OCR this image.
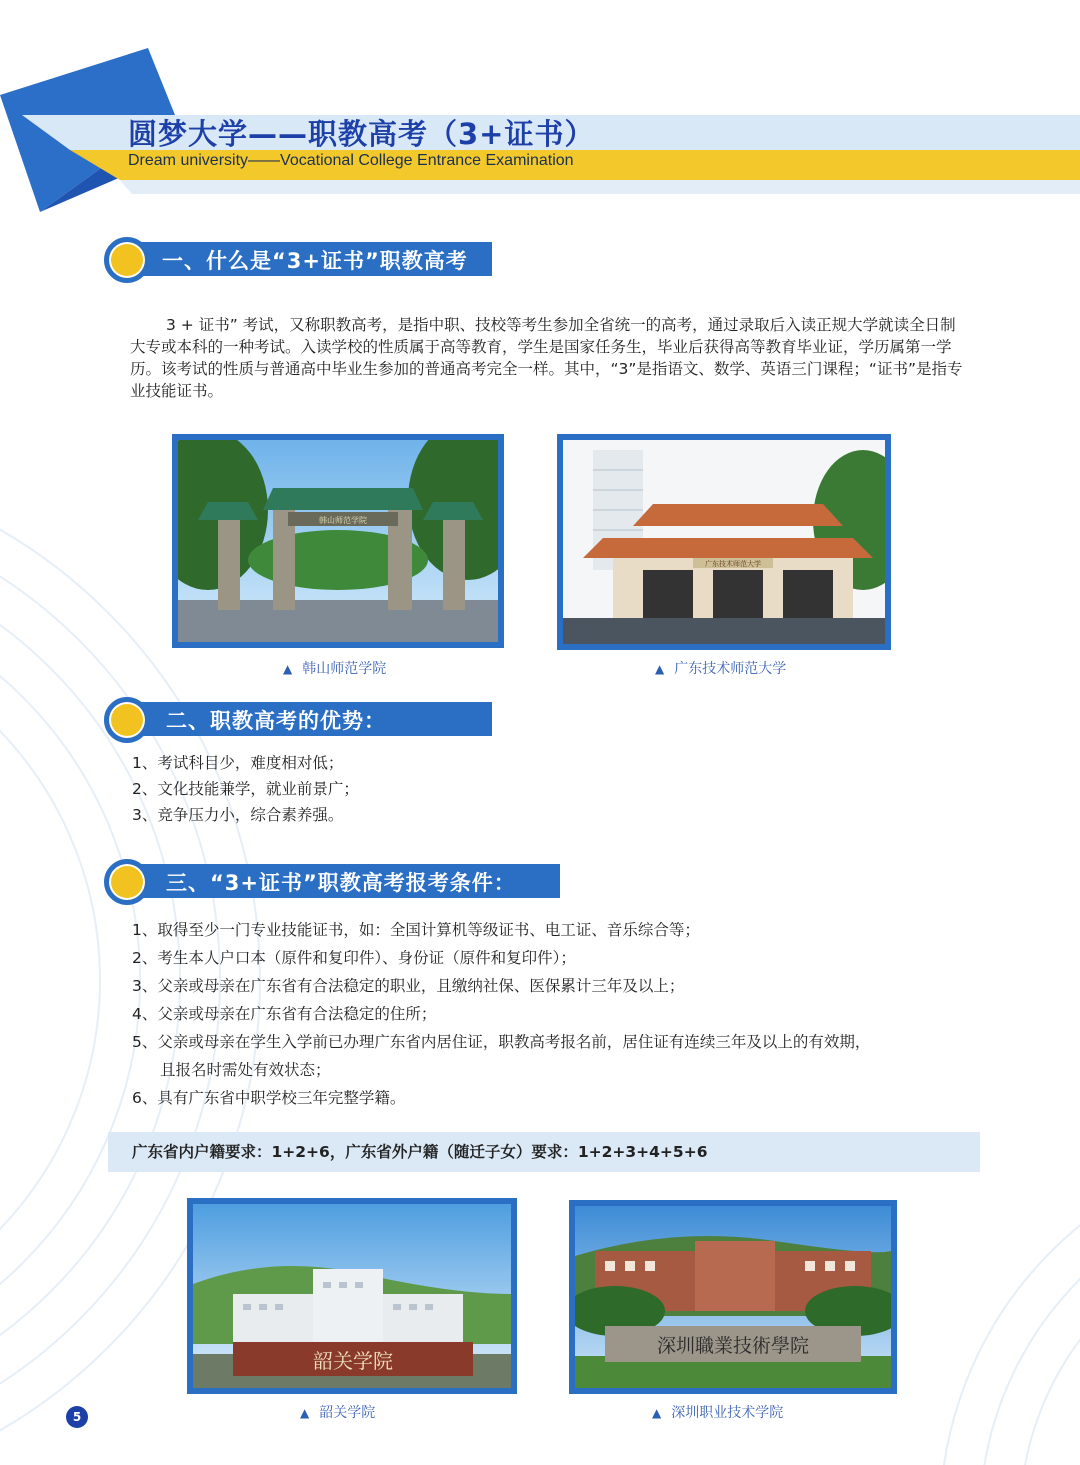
圆梦大学——职教高考（3+证书）
Dream university——Vocational College Entrance Examination
一、什么是“3+证书”职教高考
3 + 证书” 考试，又称职教高考，是指中职、技校等考生参加全省统一的高考，通过录取后入读正规大学就读全日制大专或本科的一种考试。入读学校的性质属于高等教育，学生是国家任务生，毕业后获得高等教育毕业证，学历属第一学历。该考试的性质与普通高中毕业生参加的普通高考完全一样。其中，“3”是指语文、数学、英语三门课程；“证书”是指专业技能证书。
韩山师范学院
▲ 韩山师范学院
广东技术师范大学
▲ 广东技术师范大学
二、职教高考的优势：
1、考试科目少，难度相对低；
2、文化技能兼学，就业前景广；
3、竞争压力小，综合素养强。
三、“3+证书”职教高考报考条件：
1、取得至少一门专业技能证书，如：全国计算机等级证书、电工证、音乐综合等；
2、考生本人户口本（原件和复印件）、身份证（原件和复印件）；
3、父亲或母亲在广东省有合法稳定的职业，且缴纳社保、医保累计三年及以上；
4、父亲或母亲在广东省有合法稳定的住所；
5、父亲或母亲在学生入学前已办理广东省内居住证，职教高考报名前，居住证有连续三年及以上的有效期，
且报名时需处有效状态；
6、具有广东省中职学校三年完整学籍。
广东省内户籍要求：1+2+6，广东省外户籍（随迁子女）要求：1+2+3+4+5+6
韶关学院
▲ 韶关学院
深圳職業技術學院
▲ 深圳职业技术学院
5
